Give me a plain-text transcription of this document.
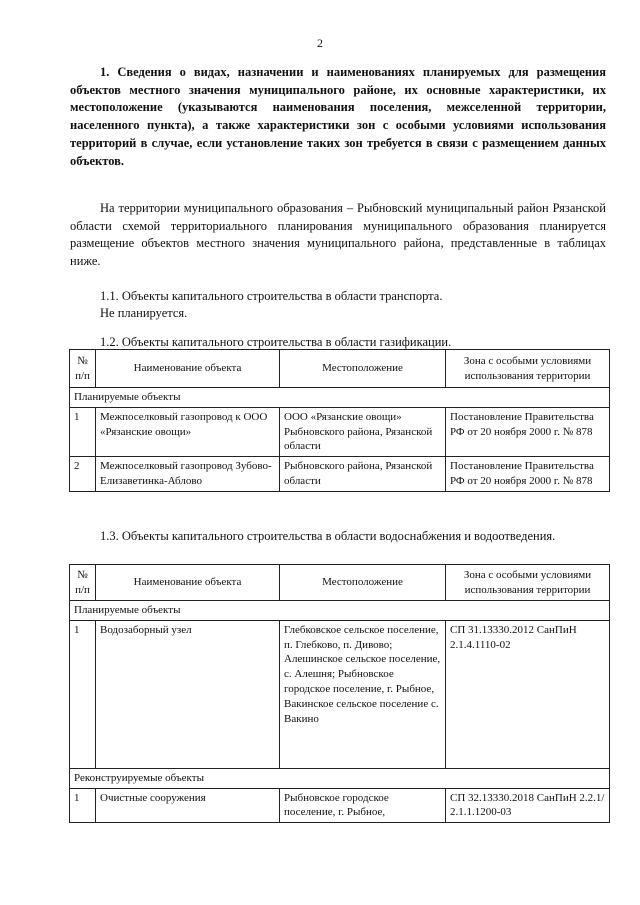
2

1. Сведения о видах, назначении и наименованиях планируемых для размещения объектов местного значения муниципального районе, их основные характеристики, их местоположение (указываются наименования поселения, межселенной территории, населенного пункта), а также характеристики зон с особыми условиями использования территорий в случае, если установление таких зон требуется в связи с размещением данных объектов.

На территории муниципального образования – Рыбновский муниципальный район Рязанской области схемой территориального планирования муниципального образования планируется размещение объектов местного значения муниципального района, представленные в таблицах ниже.

1.1. Объекты капитального строительства в области транспорта.

Не планируется.

1.2. Объекты капитального строительства в области газификации.

№ п/п	Наименование объекта	Местоположение	Зона с особыми условиями использования территории
Планируемые объекты			
1	Межпоселковый газопровод к ООО «Рязанские овощи»	ООО «Рязанские овощи» Рыбновского района, Рязанской области	Постановление Правительства РФ от 20 ноября 2000 г. № 878
2	Межпоселковый газопровод Зубово-Елизаветинка-Аблово	Рыбновского района, Рязанской области	Постановление Правительства РФ от 20 ноября 2000 г. № 878

1.3. Объекты капитального строительства в области водоснабжения и водоотведения.

№ п/п	Наименование объекта	Местоположение	Зона с особыми условиями использования территории
Планируемые объекты			
1	Водозаборный узел	Глебковское сельское поселение, п. Глебково, п. Дивово; Алешинское сельское поселение, с. Алешня; Рыбновское городское поселение, г. Рыбное, Вакинское сельское поселение с. Вакино	СП 31.13330.2012 СанПиН 2.1.4.1110-02
Реконструируемые объекты			
1	Очистные сооружения	Рыбновское городское поселение, г. Рыбное,	СП 32.13330.2018 СанПиН 2.2.1/ 2.1.1.1200-03
